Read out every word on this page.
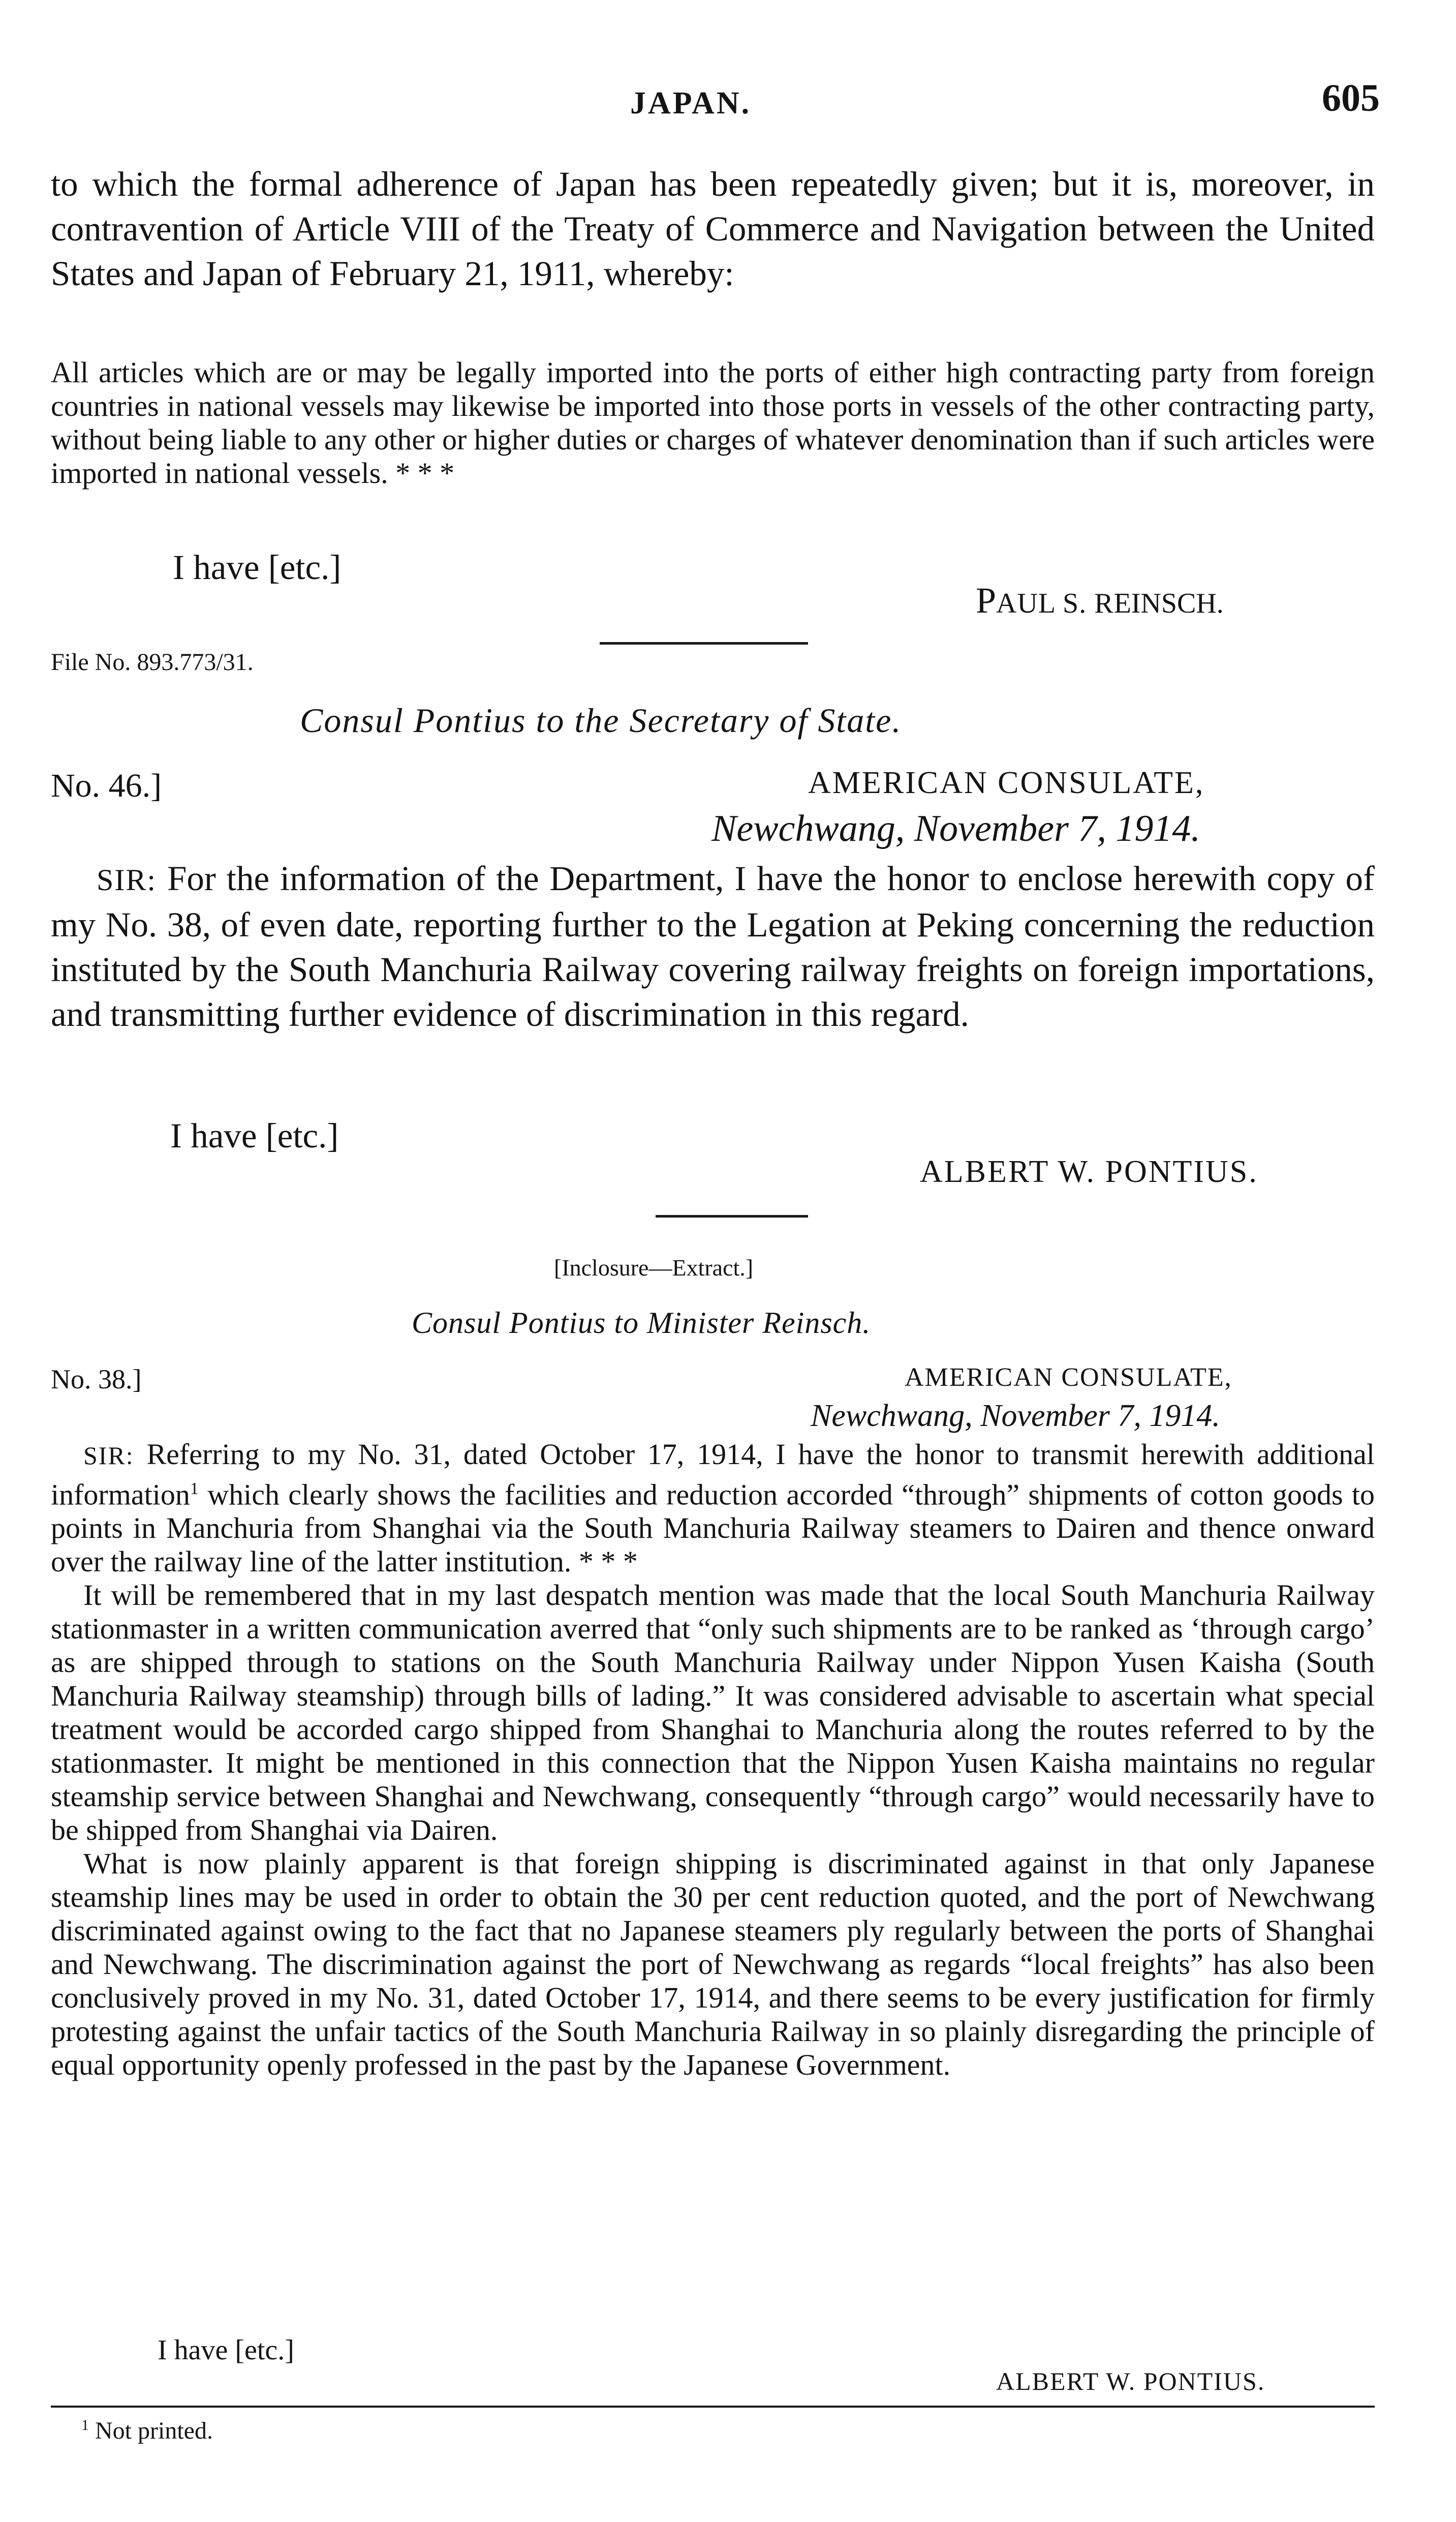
JAPAN.	605

to which the formal adherence of Japan has been repeatedly given; but it is, moreover, in contravention of Article VIII of the Treaty of Commerce and Navigation between the United States and Japan of February 21, 1911, whereby:

All articles which are or may be legally imported into the ports of either high contracting party from foreign countries in national vessels may likewise be imported into those ports in vessels of the other contracting party, without being liable to any other or higher duties or charges of whatever denomination than if such articles were imported in national vessels. * * *

I have [etc.]

PAUL S. REINSCH.
File No. 893.773/31.
Consul Pontius to the Secretary of State.
No. 46.]	AMERICAN CONSULATE,
Newchwang, November 7, 1914.

SIR: For the information of the Department, I have the honor to enclose herewith copy of my No. 38, of even date, reporting further to the Legation at Peking concerning the reduction instituted by the South Manchuria Railway covering railway freights on foreign importations, and transmitting further evidence of discrimination in this regard.

I have [etc.]

ALBERT W. PONTIUS.
[Inclosure—Extract.]
Consul Pontius to Minister Reinsch.
No. 38.]	AMERICAN CONSULATE,
Newchwang, November 7, 1914.

SIR: Referring to my No. 31, dated October 17, 1914, I have the honor to transmit herewith additional information$^1$ which clearly shows the facilities and reduction accorded “through” shipments of cotton goods to points in Manchuria from Shanghai via the South Manchuria Railway steamers to Dairen and thence onward over the railway line of the latter institution. * * *

It will be remembered that in my last despatch mention was made that the local South Manchuria Railway stationmaster in a written communication averred that “only such shipments are to be ranked as ‘through cargo’ as are shipped through to stations on the South Manchuria Railway under Nippon Yusen Kaisha (South Manchuria Railway steamship) through bills of lading.” It was considered advisable to ascertain what special treatment would be accorded cargo shipped from Shanghai to Manchuria along the routes referred to by the stationmaster. It might be mentioned in this connection that the Nippon Yusen Kaisha maintains no regular steamship service between Shanghai and Newchwang, consequently “through cargo” would necessarily have to be shipped from Shanghai via Dairen.

What is now plainly apparent is that foreign shipping is discriminated against in that only Japanese steamship lines may be used in order to obtain the 30 per cent reduction quoted, and the port of Newchwang discriminated against owing to the fact that no Japanese steamers ply regularly between the ports of Shanghai and Newchwang. The discrimination against the port of Newchwang as regards “local freights” has also been conclusively proved in my No. 31, dated October 17, 1914, and there seems to be every justification for firmly protesting against the unfair tactics of the South Manchuria Railway in so plainly disregarding the principle of equal opportunity openly professed in the past by the Japanese Government.

I have [etc.]

ALBERT W. PONTIUS.
$^1$ Not printed.
